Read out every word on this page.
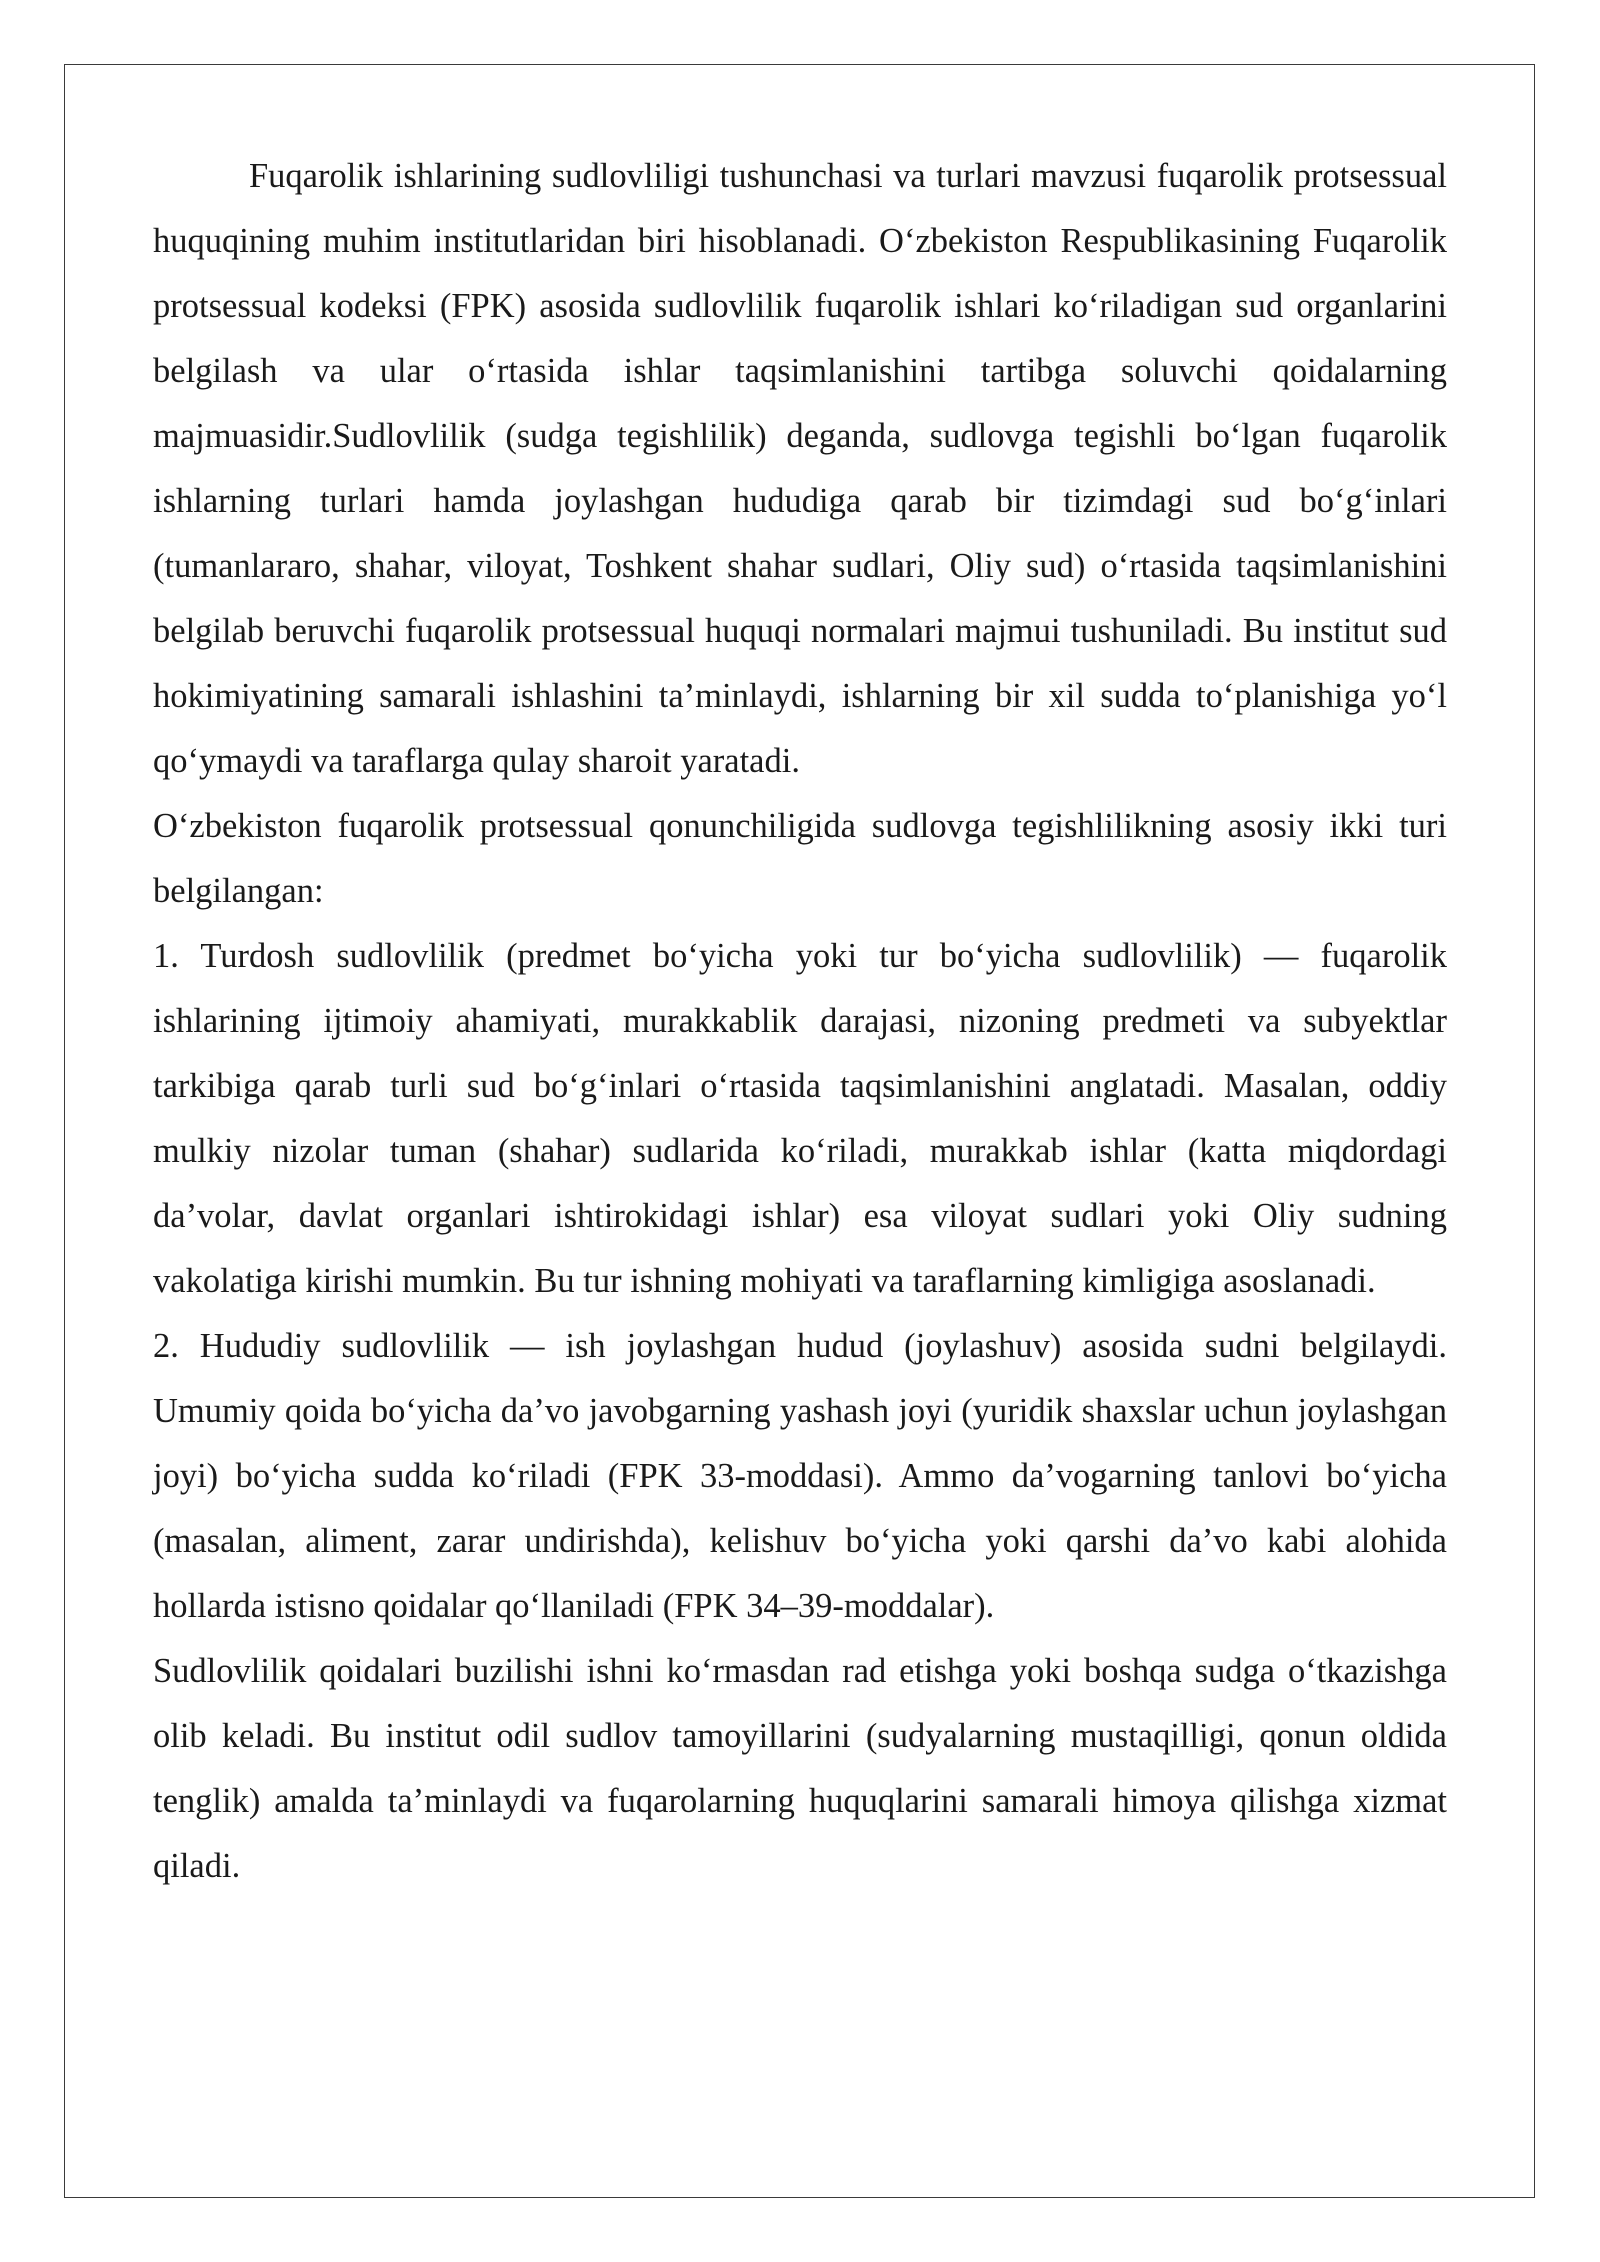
Fuqarolik ishlarining sudlovliligi tushunchasi va turlari mavzusi fuqarolik protsessual huquqining muhim institutlaridan biri hisoblanadi. O‘zbekiston Respublikasining Fuqarolik protsessual kodeksi (FPK) asosida sudlovlilik fuqarolik ishlari ko‘riladigan sud organlarini belgilash va ular o‘rtasida ishlar taqsimlanishini tartibga soluvchi qoidalarning majmuasidir.Sudlovlilik (sudga tegishlilik) deganda, sudlovga tegishli bo‘lgan fuqarolik ishlarning turlari hamda joylashgan hududiga qarab bir tizimdagi sud bo‘g‘inlari (tumanlararo, shahar, viloyat, Toshkent shahar sudlari, Oliy sud) o‘rtasida taqsimlanishini belgilab beruvchi fuqarolik protsessual huquqi normalari majmui tushuniladi. Bu institut sud hokimiyatining samarali ishlashini ta’minlaydi, ishlarning bir xil sudda to‘planishiga yo‘l qo‘ymaydi va taraflarga qulay sharoit yaratadi.

O‘zbekiston fuqarolik protsessual qonunchiligida sudlovga tegishlilikning asosiy ikki turi belgilangan:

1. Turdosh sudlovlilik (predmet bo‘yicha yoki tur bo‘yicha sudlovlilik) — fuqarolik ishlarining ijtimoiy ahamiyati, murakkablik darajasi, nizoning predmeti va subyektlar tarkibiga qarab turli sud bo‘g‘inlari o‘rtasida taqsimlanishini anglatadi. Masalan, oddiy mulkiy nizolar tuman (shahar) sudlarida ko‘riladi, murakkab ishlar (katta miqdordagi da’volar, davlat organlari ishtirokidagi ishlar) esa viloyat sudlari yoki Oliy sudning vakolatiga kirishi mumkin. Bu tur ishning mohiyati va taraflarning kimligiga asoslanadi.

2. Hududiy sudlovlilik — ish joylashgan hudud (joylashuv) asosida sudni belgilaydi. Umumiy qoida bo‘yicha da’vo javobgarning yashash joyi (yuridik shaxslar uchun joylashgan joyi) bo‘yicha sudda ko‘riladi (FPK 33-moddasi). Ammo da’vogarning tanlovi bo‘yicha (masalan, aliment, zarar undirishda), kelishuv bo‘yicha yoki qarshi da’vo kabi alohida hollarda istisno qoidalar qo‘llaniladi (FPK 34–39-moddalar).

Sudlovlilik qoidalari buzilishi ishni ko‘rmasdan rad etishga yoki boshqa sudga o‘tkazishga olib keladi. Bu institut odil sudlov tamoyillarini (sudyalarning mustaqilligi, qonun oldida tenglik) amalda ta’minlaydi va fuqarolarning huquqlarini samarali himoya qilishga xizmat qiladi.
